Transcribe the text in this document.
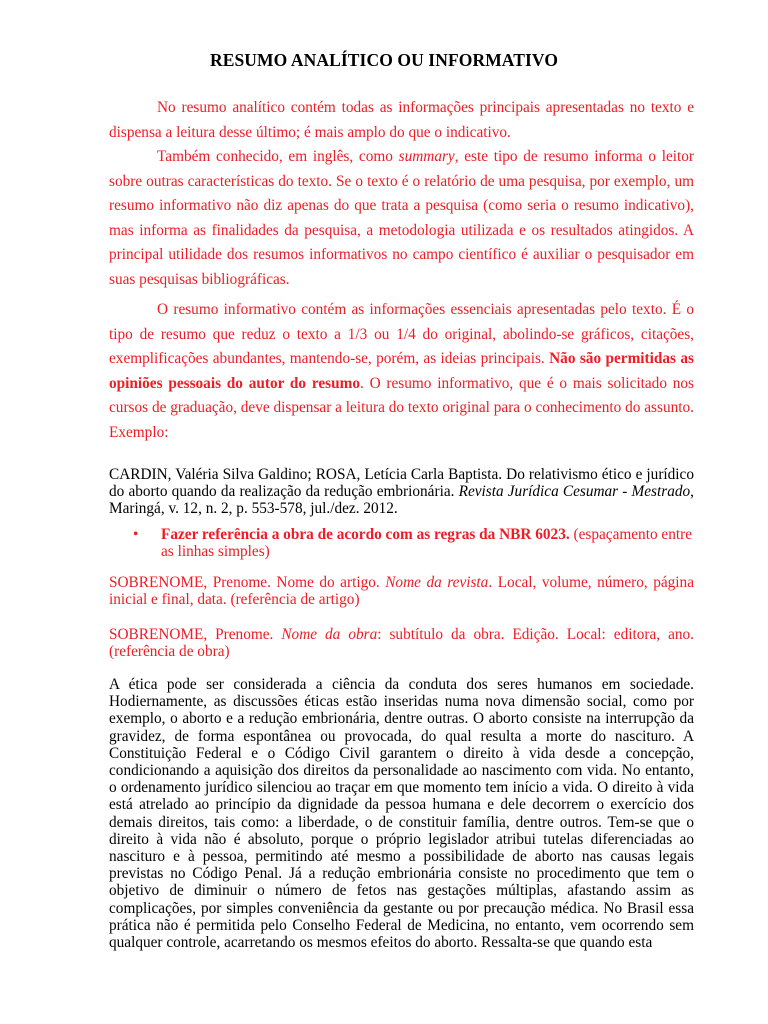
RESUMO ANALÍTICO OU INFORMATIVO

No resumo analítico contém todas as informações principais apresentadas no texto e dispensa a leitura desse último; é mais amplo do que o indicativo.

Também conhecido, em inglês, como summary, este tipo de resumo informa o leitor sobre outras características do texto. Se o texto é o relatório de uma pesquisa, por exemplo, um resumo informativo não diz apenas do que trata a pesquisa (como seria o resumo indicativo), mas informa as finalidades da pesquisa, a metodologia utilizada e os resultados atingidos. A principal utilidade dos resumos informativos no campo científico é auxiliar o pesquisador em suas pesquisas bibliográficas.

O resumo informativo contém as informações essenciais apresentadas pelo texto. É o tipo de resumo que reduz o texto a 1/3 ou 1/4 do original, abolindo-se gráficos, citações, exemplificações abundantes, mantendo-se, porém, as ideias principais. Não são permitidas as opiniões pessoais do autor do resumo. O resumo informativo, que é o mais solicitado nos cursos de graduação, deve dispensar a leitura do texto original para o conhecimento do assunto. Exemplo:

CARDIN, Valéria Silva Galdino; ROSA, Letícia Carla Baptista. Do relativismo ético e jurídico do aborto quando da realização da redução embrionária. Revista Jurídica Cesumar - Mestrado, Maringá, v. 12, n. 2, p. 553-578, jul./dez. 2012.

•	Fazer referência a obra de acordo com as regras da NBR 6023. (espaçamento entre as linhas simples)

SOBRENOME, Prenome. Nome do artigo. Nome da revista. Local, volume, número, página inicial e final, data. (referência de artigo)

SOBRENOME, Prenome. Nome da obra: subtítulo da obra. Edição. Local: editora, ano. (referência de obra)

A ética pode ser considerada a ciência da conduta dos seres humanos em sociedade. Hodiernamente, as discussões éticas estão inseridas numa nova dimensão social, como por exemplo, o aborto e a redução embrionária, dentre outras. O aborto consiste na interrupção da gravidez, de forma espontânea ou provocada, do qual resulta a morte do nascituro. A Constituição Federal e o Código Civil garantem o direito à vida desde a concepção, condicionando a aquisição dos direitos da personalidade ao nascimento com vida. No entanto, o ordenamento jurídico silenciou ao traçar em que momento tem início a vida. O direito à vida está atrelado ao princípio da dignidade da pessoa humana e dele decorrem o exercício dos demais direitos, tais como: a liberdade, o de constituir família, dentre outros. Tem-se que o direito à vida não é absoluto, porque o próprio legislador atribui tutelas diferenciadas ao nascituro e à pessoa, permitindo até mesmo a possibilidade de aborto nas causas legais previstas no Código Penal. Já a redução embrionária consiste no procedimento que tem o objetivo de diminuir o número de fetos nas gestações múltiplas, afastando assim as complicações, por simples conveniência da gestante ou por precaução médica. No Brasil essa prática não é permitida pelo Conselho Federal de Medicina, no entanto, vem ocorrendo sem qualquer controle, acarretando os mesmos efeitos do aborto. Ressalta-se que quando esta
